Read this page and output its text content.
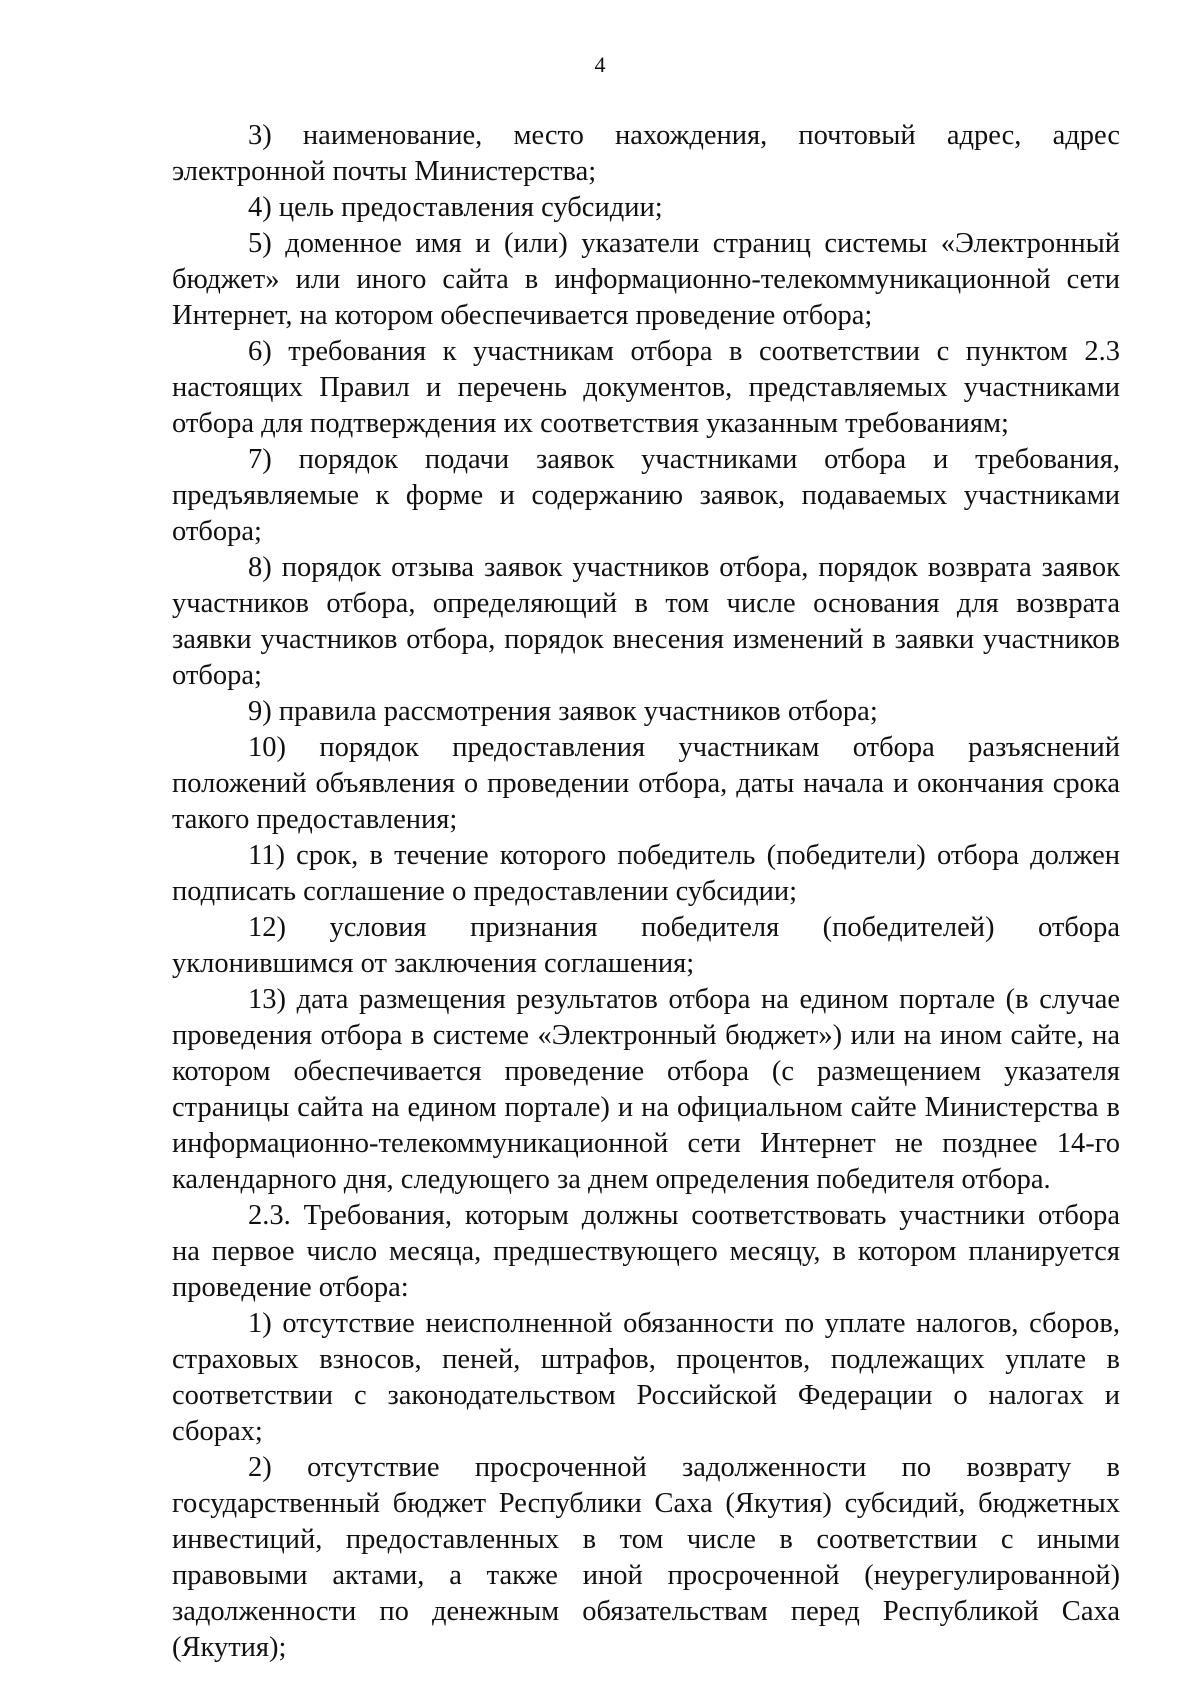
4

3) наименование, место нахождения, почтовый адрес, адрес электронной почты Министерства;

4) цель предоставления субсидии;

5) доменное имя и (или) указатели страниц системы «Электронный бюджет» или иного сайта в информационно-телекоммуникационной сети Интернет, на котором обеспечивается проведение отбора;

6) требования к участникам отбора в соответствии с пунктом 2.3 настоящих Правил и перечень документов, представляемых участниками отбора для подтверждения их соответствия указанным требованиям;

7) порядок подачи заявок участниками отбора и требования, предъявляемые к форме и содержанию заявок, подаваемых участниками отбора;

8) порядок отзыва заявок участников отбора, порядок возврата заявок участников отбора, определяющий в том числе основания для возврата заявки участников отбора, порядок внесения изменений в заявки участников отбора;

9) правила рассмотрения заявок участников отбора;

10) порядок предоставления участникам отбора разъяснений положений объявления о проведении отбора, даты начала и окончания срока такого предоставления;

11) срок, в течение которого победитель (победители) отбора должен подписать соглашение о предоставлении субсидии;

12) условия признания победителя (победителей) отбора уклонившимся от заключения соглашения;

13) дата размещения результатов отбора на едином портале (в случае проведения отбора в системе «Электронный бюджет») или на ином сайте, на котором обеспечивается проведение отбора (с размещением указателя страницы сайта на едином портале) и на официальном сайте Министерства в информационно-телекоммуникационной сети Интернет не позднее 14-го календарного дня, следующего за днем определения победителя отбора.

2.3. Требования, которым должны соответствовать участники отбора на первое число месяца, предшествующего месяцу, в котором планируется проведение отбора:

1) отсутствие неисполненной обязанности по уплате налогов, сборов, страховых взносов, пеней, штрафов, процентов, подлежащих уплате в соответствии с законодательством Российской Федерации о налогах и сборах;

2) отсутствие просроченной задолженности по возврату в государственный бюджет Республики Саха (Якутия) субсидий, бюджетных инвестиций, предоставленных в том числе в соответствии с иными правовыми актами, а также иной просроченной (неурегулированной) задолженности по денежным обязательствам перед Республикой Саха (Якутия);
